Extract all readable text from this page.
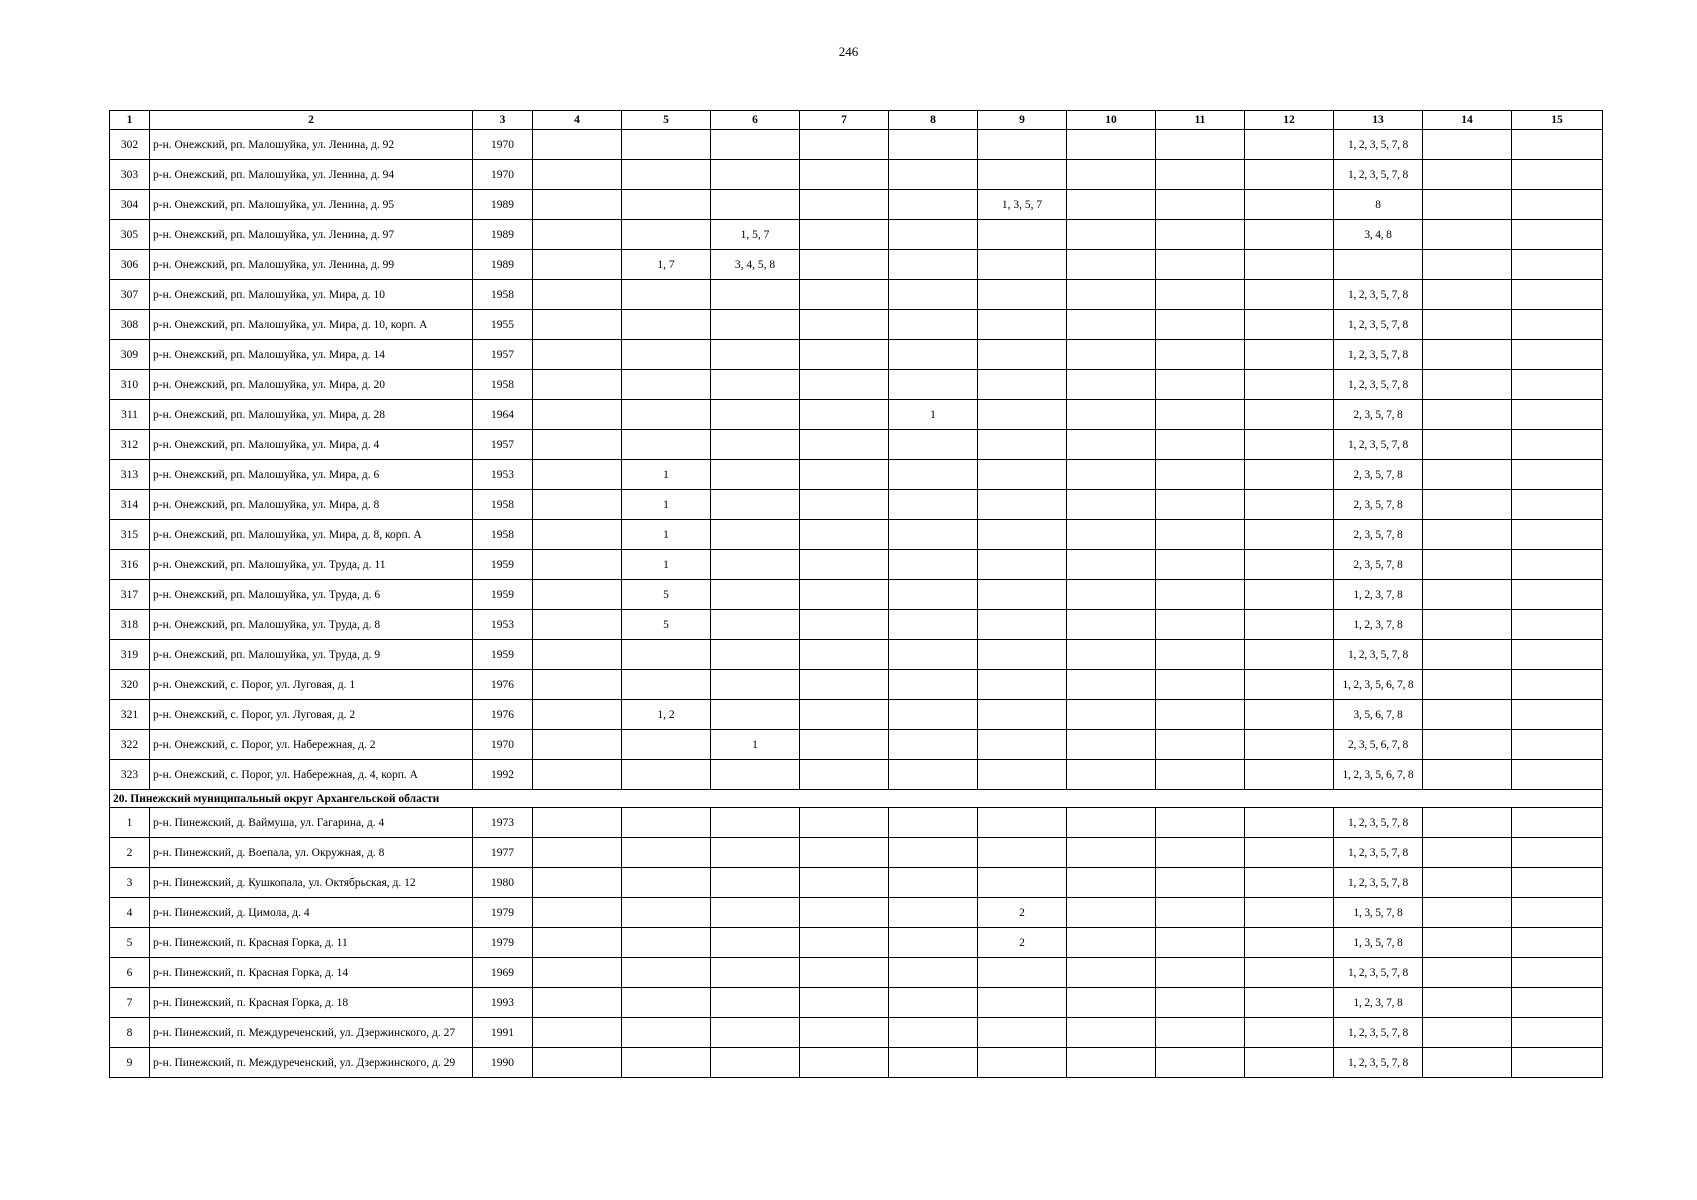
246
1	2	3	4	5	6	7	8	9	10	11	12	13	14	15
302	р-н. Онежский, рп. Малошуйка, ул. Ленина, д. 92	1970										1, 2, 3, 5, 7, 8		
303	р-н. Онежский, рп. Малошуйка, ул. Ленина, д. 94	1970										1, 2, 3, 5, 7, 8		
304	р-н. Онежский, рп. Малошуйка, ул. Ленина, д. 95	1989						1, 3, 5, 7				8		
305	р-н. Онежский, рп. Малошуйка, ул. Ленина, д. 97	1989			1, 5, 7							3, 4, 8		
306	р-н. Онежский, рп. Малошуйка, ул. Ленина, д. 99	1989		1, 7	3, 4, 5, 8									
307	р-н. Онежский, рп. Малошуйка, ул. Мира, д. 10	1958										1, 2, 3, 5, 7, 8		
308	р-н. Онежский, рп. Малошуйка, ул. Мира, д. 10, корп. А	1955										1, 2, 3, 5, 7, 8		
309	р-н. Онежский, рп. Малошуйка, ул. Мира, д. 14	1957										1, 2, 3, 5, 7, 8		
310	р-н. Онежский, рп. Малошуйка, ул. Мира, д. 20	1958										1, 2, 3, 5, 7, 8		
311	р-н. Онежский, рп. Малошуйка, ул. Мира, д. 28	1964					1					2, 3, 5, 7, 8		
312	р-н. Онежский, рп. Малошуйка, ул. Мира, д. 4	1957										1, 2, 3, 5, 7, 8		
313	р-н. Онежский, рп. Малошуйка, ул. Мира, д. 6	1953		1								2, 3, 5, 7, 8		
314	р-н. Онежский, рп. Малошуйка, ул. Мира, д. 8	1958		1								2, 3, 5, 7, 8		
315	р-н. Онежский, рп. Малошуйка, ул. Мира, д. 8, корп. А	1958		1								2, 3, 5, 7, 8		
316	р-н. Онежский, рп. Малошуйка, ул. Труда, д. 11	1959		1								2, 3, 5, 7, 8		
317	р-н. Онежский, рп. Малошуйка, ул. Труда, д. 6	1959		5								1, 2, 3, 7, 8		
318	р-н. Онежский, рп. Малошуйка, ул. Труда, д. 8	1953		5								1, 2, 3, 7, 8		
319	р-н. Онежский, рп. Малошуйка, ул. Труда, д. 9	1959										1, 2, 3, 5, 7, 8		
320	р-н. Онежский, с. Порог, ул. Луговая, д. 1	1976										1, 2, 3, 5, 6, 7, 8		
321	р-н. Онежский, с. Порог, ул. Луговая, д. 2	1976		1, 2								3, 5, 6, 7, 8		
322	р-н. Онежский, с. Порог, ул. Набережная, д. 2	1970			1							2, 3, 5, 6, 7, 8		
323	р-н. Онежский, с. Порог, ул. Набережная, д. 4, корп. А	1992										1, 2, 3, 5, 6, 7, 8		
20. Пинежский муниципальный округ Архангельской области														
1	р-н. Пинежский, д. Ваймуша, ул. Гагарина, д. 4	1973										1, 2, 3, 5, 7, 8		
2	р-н. Пинежский, д. Воепала, ул. Окружная, д. 8	1977										1, 2, 3, 5, 7, 8		
3	р-н. Пинежский, д. Кушкопала, ул. Октябрьская, д. 12	1980										1, 2, 3, 5, 7, 8		
4	р-н. Пинежский, д. Цимола, д. 4	1979						2				1, 3, 5, 7, 8		
5	р-н. Пинежский, п. Красная Горка, д. 11	1979						2				1, 3, 5, 7, 8		
6	р-н. Пинежский, п. Красная Горка, д. 14	1969										1, 2, 3, 5, 7, 8		
7	р-н. Пинежский, п. Красная Горка, д. 18	1993										1, 2, 3, 7, 8		
8	р-н. Пинежский, п. Междуреченский, ул. Дзержинского, д. 27	1991										1, 2, 3, 5, 7, 8		
9	р-н. Пинежский, п. Междуреченский, ул. Дзержинского, д. 29	1990										1, 2, 3, 5, 7, 8		
